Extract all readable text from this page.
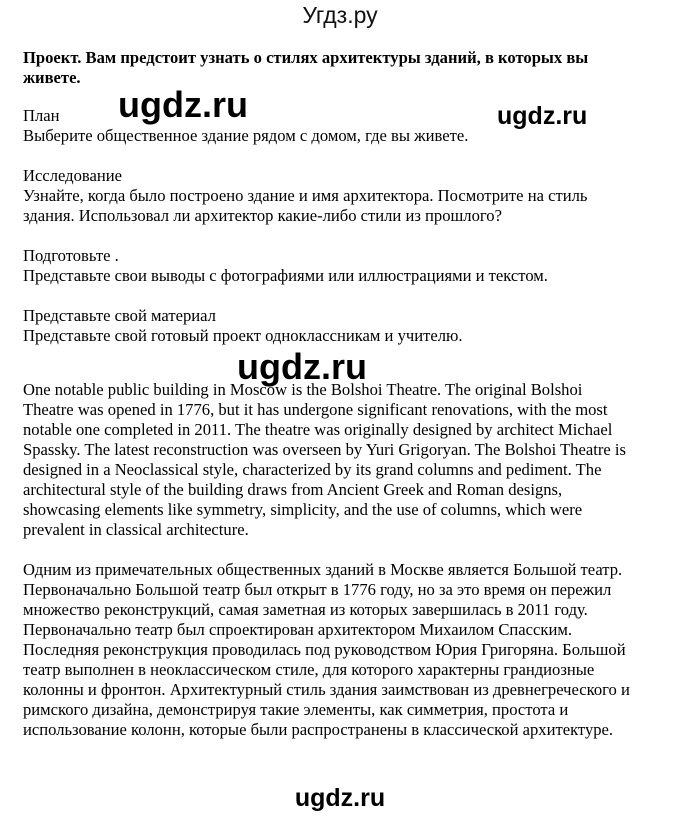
Угдз.ру

Проект. Вам предстоит узнать о стилях архитектуры зданий, в которых вы живете.

План
Выберите общественное здание рядом с домом, где вы живете.
Исследование
Узнайте, когда было построено здание и имя архитектора. Посмотрите на стиль здания. Использовал ли архитектор какие-либо стили из прошлого?
Подготовьте .
Представьте свои выводы с фотографиями или иллюстрациями и текстом.
Представьте свой материал
Представьте свой готовый проект одноклассникам и учителю.

One notable public building in Moscow is the Bolshoi Theatre. The original Bolshoi Theatre was opened in 1776, but it has undergone significant renovations, with the most notable one completed in 2011. The theatre was originally designed by architect Michael Spassky. The latest reconstruction was overseen by Yuri Grigoryan. The Bolshoi Theatre is designed in a Neoclassical style, characterized by its grand columns and pediment. The architectural style of the building draws from Ancient Greek and Roman designs, showcasing elements like symmetry, simplicity, and the use of columns, which were prevalent in classical architecture.

Одним из примечательных общественных зданий в Москве является Большой театр. Первоначально Большой театр был открыт в 1776 году, но за это время он пережил множество реконструкций, самая заметная из которых завершилась в 2011 году. Первоначально театр был спроектирован архитектором Михаилом Спасским. Последняя реконструкция проводилась под руководством Юрия Григоряна. Большой театр выполнен в неоклассическом стиле, для которого характерны грандиозные колонны и фронтон. Архитектурный стиль здания заимствован из древнегреческого и римского дизайна, демонстрируя такие элементы, как симметрия, простота и использование колонн, которые были распространены в классической архитектуре.

ugdz.ru	ugdz.ru
ugdz.ru
ugdz.ru
